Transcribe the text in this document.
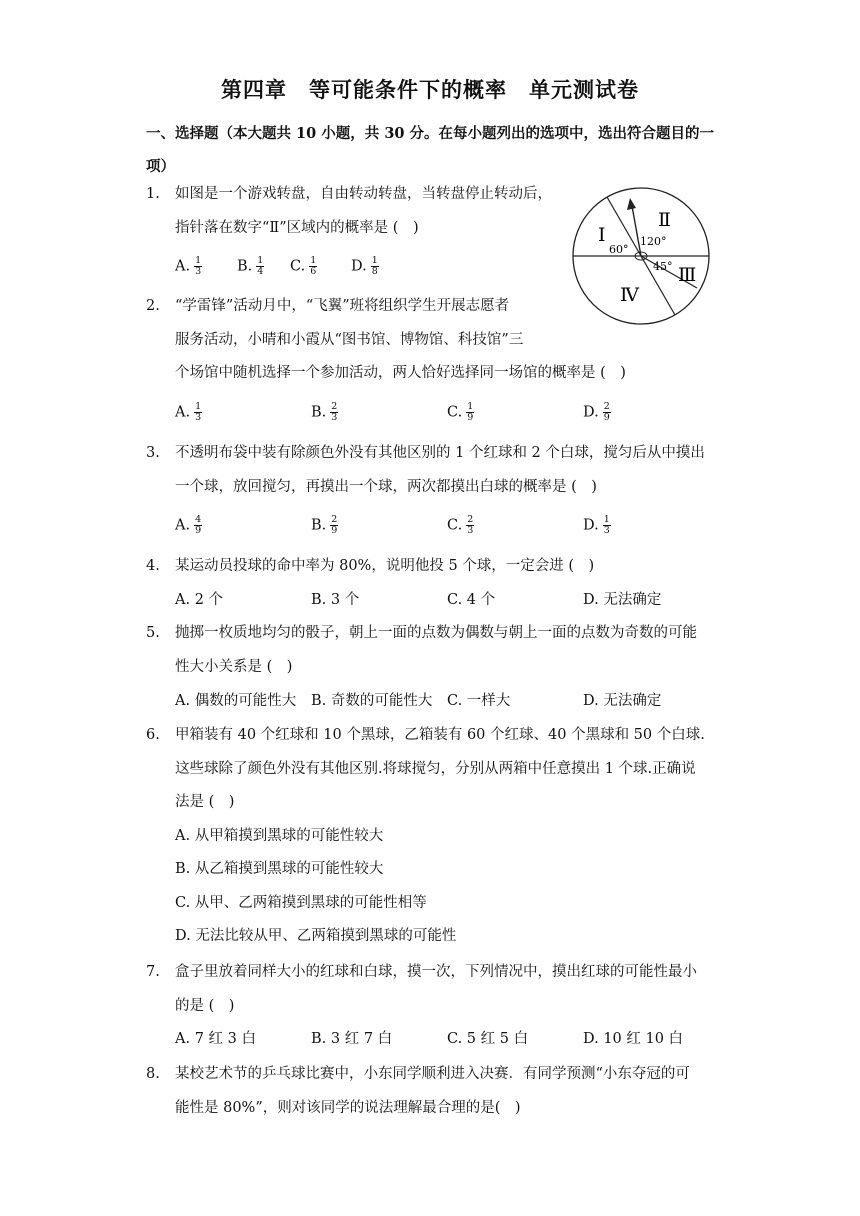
第四章　等可能条件下的概率　单元测试卷
一、选择题（本大题共 10 小题，共 30 分。在每小题列出的选项中，选出符合题目的一
项）
Ⅰ
Ⅱ
Ⅲ
Ⅳ
60°
120°
45°
1.	如图是一个游戏转盘，自由转动转盘，当转盘停止转动后，
指针落在数字“Ⅱ”区域内的概率是 (　)
A. $\frac{1}{3} B$. $\frac{1}{4} C$. $\frac{1}{6} D$. $\frac{1}{8}$
2.	“学雷锋”活动月中，“飞翼”班将组织学生开展志愿者
服务活动，小晴和小霞从“图书馆、博物馆、科技馆”三
个场馆中随机选择一个参加活动，两人恰好选择同一场馆的概率是 (　)
A. $\frac{1}{3}$	B. $\frac{2}{3}$	C. $\frac{1}{9}$	D. $\frac{2}{9}$
3.	不透明布袋中装有除颜色外没有其他区别的 1 个红球和 2 个白球，搅匀后从中摸出
一个球，放回搅匀，再摸出一个球，两次都摸出白球的概率是 (　)
A. $\frac{4}{9}$	B. $\frac{2}{9}$	C. $\frac{2}{3}$	D. $\frac{1}{3}$
4.	某运动员投球的命中率为 80%，说明他投 5 个球，一定会进 (　)
A. 2 个	B. 3 个	C. 4 个	D. 无法确定
5.	抛掷一枚质地均匀的骰子，朝上一面的点数为偶数与朝上一面的点数为奇数的可能
性大小关系是 (　)
A. 偶数的可能性大 B. 奇数的可能性大 C. 一样大	D. 无法确定
6.	甲箱装有 40 个红球和 10 个黑球，乙箱装有 60 个红球、40 个黑球和 50 个白球.
这些球除了颜色外没有其他区别.将球搅匀，分别从两箱中任意摸出 1 个球.正确说
法是 (　)
A. 从甲箱摸到黑球的可能性较大
B. 从乙箱摸到黑球的可能性较大
C. 从甲、乙两箱摸到黑球的可能性相等
D. 无法比较从甲、乙两箱摸到黑球的可能性
7.	盒子里放着同样大小的红球和白球，摸一次，下列情况中，摸出红球的可能性最小
的是 (　)
A. 7 红 3 白	B. 3 红 7 白	C. 5 红 5 白	D. 10 红 10 白
8.	某校艺术节的乒乓球比赛中，小东同学顺利进入决赛．有同学预测“小东夺冠的可
能性是 80%”，则对该同学的说法理解最合理的是(　)
